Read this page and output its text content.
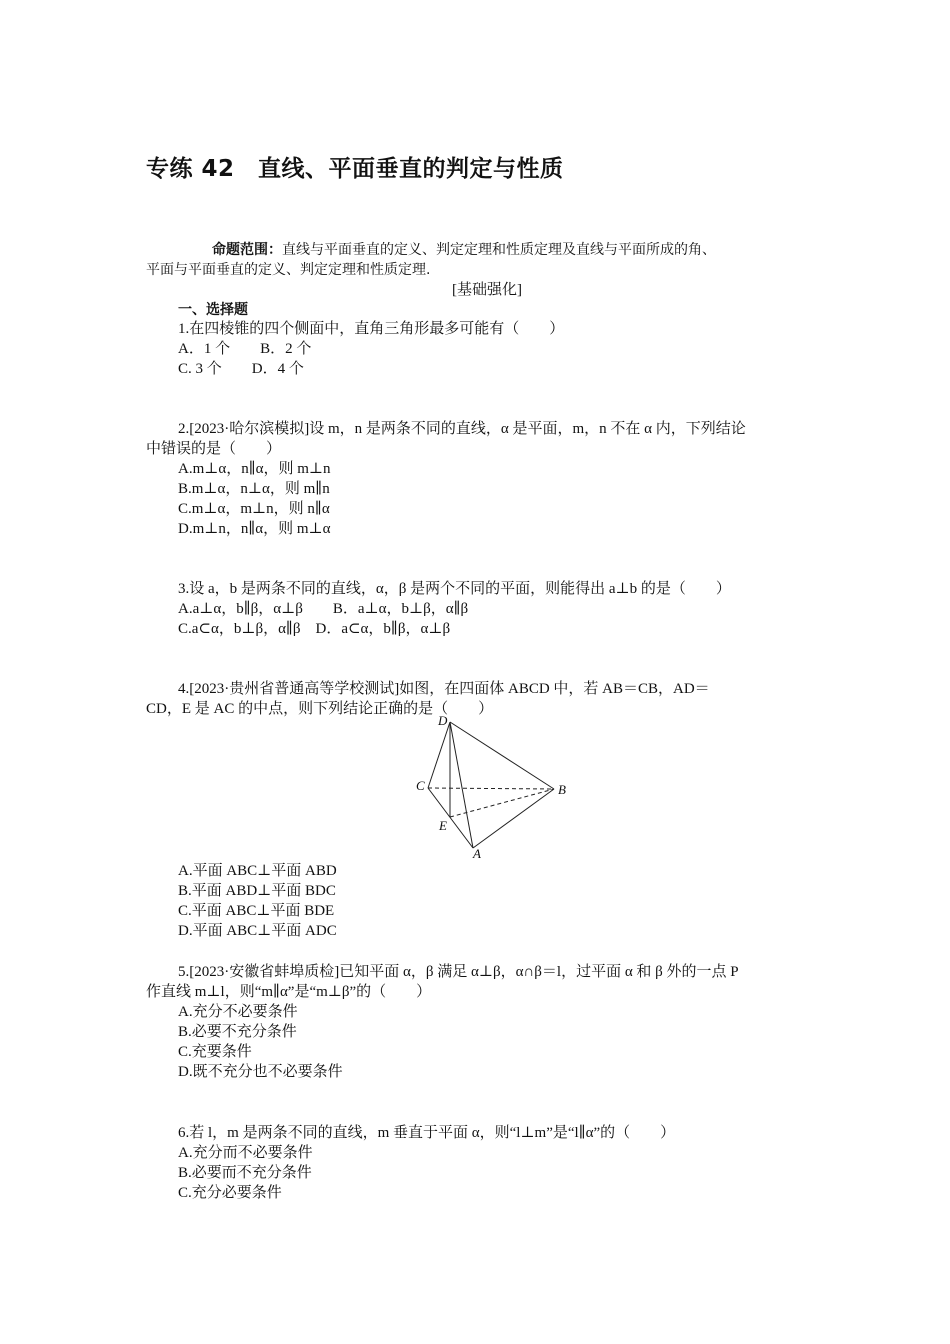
专练 42　直线、平面垂直的判定与性质
命题范围：直线与平面垂直的定义、判定定理和性质定理及直线与平面所成的角、
平面与平面垂直的定义、判定定理和性质定理.
[基础强化]
一、选择题
1.在四棱锥的四个侧面中，直角三角形最多可能有（　　）
A．1 个　　B．2 个
C. 3 个　　D．4 个
2.[2023·哈尔滨模拟]设 m，n 是两条不同的直线，α 是平面，m，n 不在 α 内，下列结论
中错误的是（　　）
A.m⊥α，n∥α，则 m⊥n
B.m⊥α，n⊥α，则 m∥n
C.m⊥α，m⊥n，则 n∥α
D.m⊥n，n∥α，则 m⊥α
3.设 a，b 是两条不同的直线，α，β 是两个不同的平面，则能得出 a⊥b 的是（　　）
A.a⊥α，b∥β，α⊥β　　B．a⊥α，b⊥β，α∥β
C.a⊂α，b⊥β，α∥β　D．a⊂α，b∥β，α⊥β
4.[2023·贵州省普通高等学校测试]如图，在四面体 ABCD 中，若 AB＝CB，AD＝
CD，E 是 AC 的中点，则下列结论正确的是（　　）
D
C	B
E
A
A.平面 ABC⊥平面 ABD
B.平面 ABD⊥平面 BDC
C.平面 ABC⊥平面 BDE
D.平面 ABC⊥平面 ADC
5.[2023·安徽省蚌埠质检]已知平面 α，β 满足 α⊥β，α∩β＝l，过平面 α 和 β 外的一点 P
作直线 m⊥l，则“m∥α”是“m⊥β”的（　　）
A.充分不必要条件
B.必要不充分条件
C.充要条件
D.既不充分也不必要条件
6.若 l，m 是两条不同的直线，m 垂直于平面 α，则“l⊥m”是“l∥α”的（　　）
A.充分而不必要条件
B.必要而不充分条件
C.充分必要条件
